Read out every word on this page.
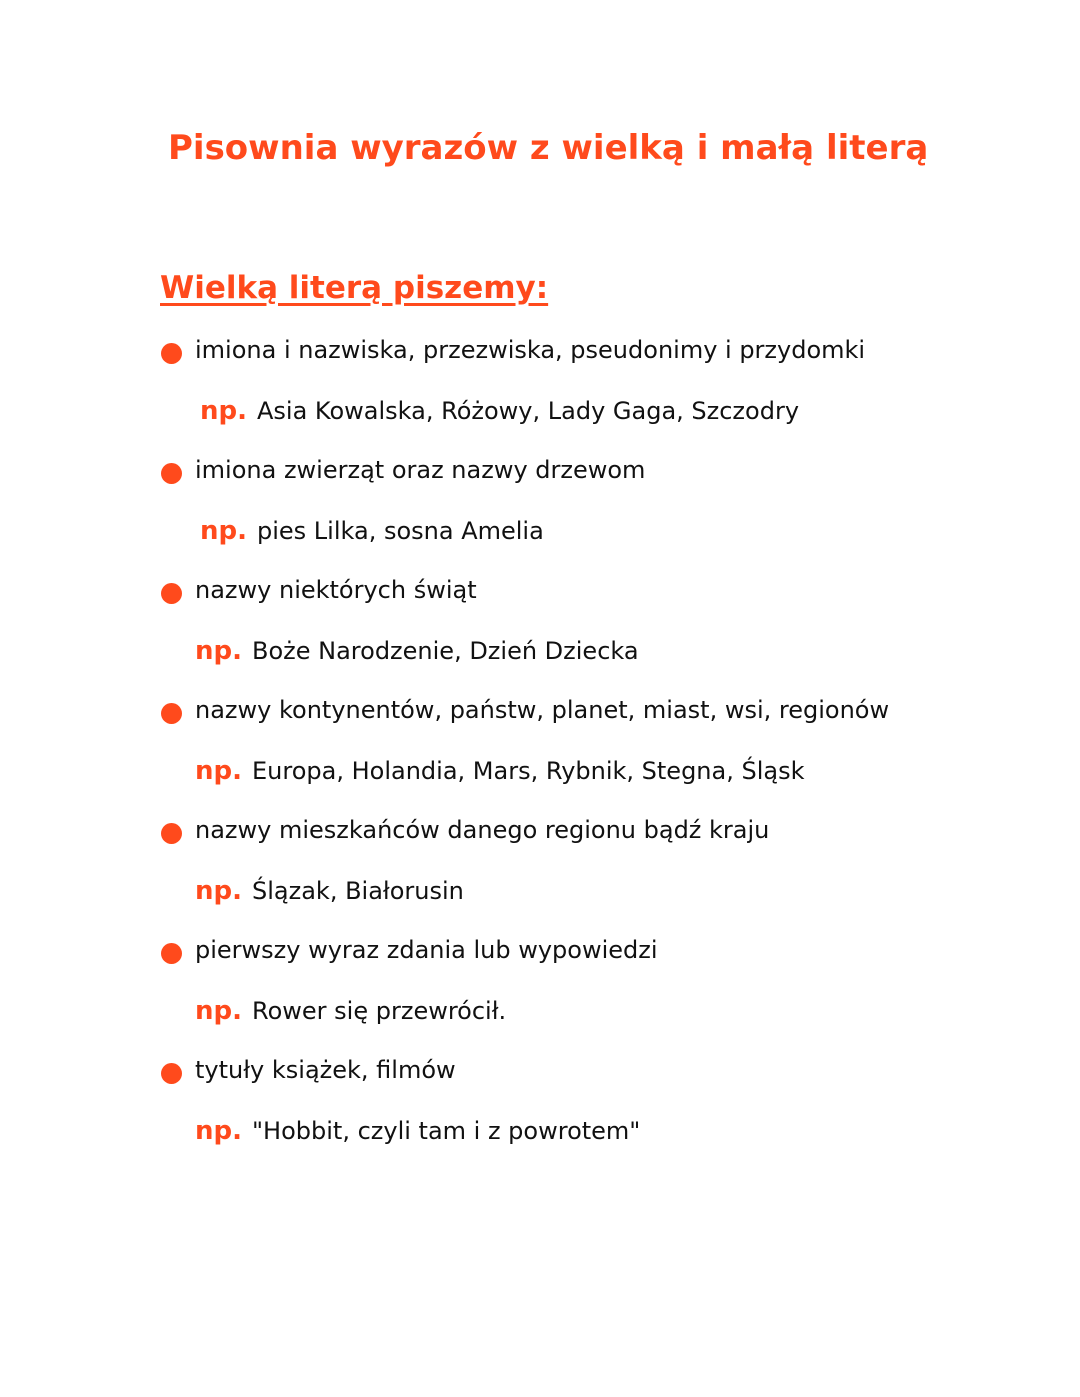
Pisownia wyrazów z wielką i małą literą
Wielką literą piszemy:
imiona i nazwiska, przezwiska, pseudonimy i przydomki
np. Asia Kowalska, Różowy, Lady Gaga, Szczodry
imiona zwierząt oraz nazwy drzewom
np. pies Lilka, sosna Amelia
nazwy niektórych świąt
np. Boże Narodzenie, Dzień Dziecka
nazwy kontynentów, państw, planet, miast, wsi, regionów
np. Europa, Holandia, Mars, Rybnik, Stegna, Śląsk
nazwy mieszkańców danego regionu bądź kraju
np. Ślązak, Białorusin
pierwszy wyraz zdania lub wypowiedzi
np. Rower się przewrócił.
tytuły książek, filmów
np. "Hobbit, czyli tam i z powrotem"
